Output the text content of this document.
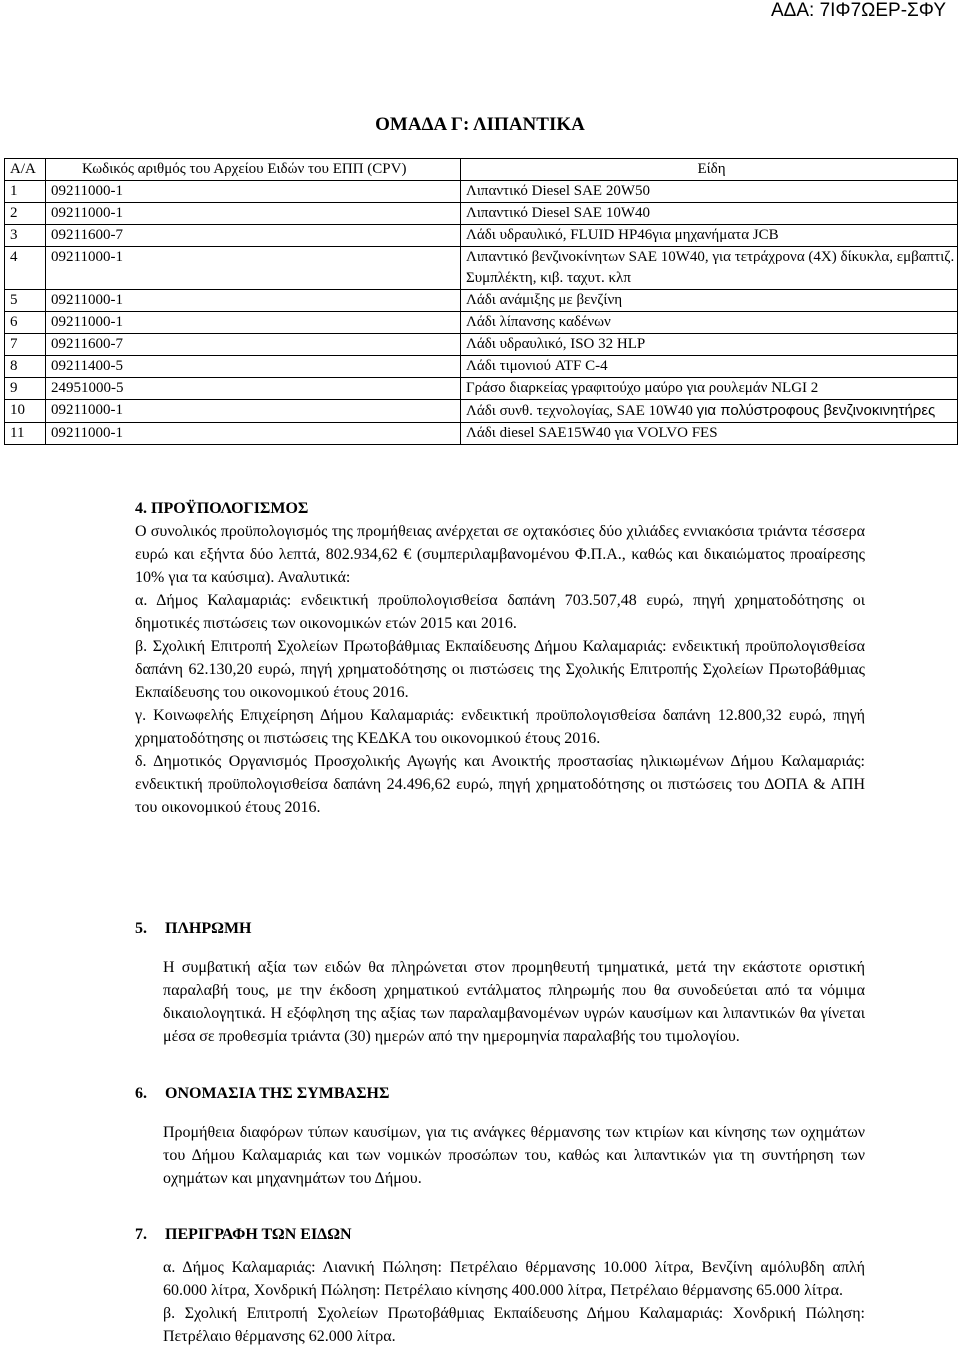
ΑΔΑ: 7ΙΦ7ΩΕΡ-ΣΦΥ
ΟΜΑΔΑ Γ: ΛΙΠΑΝΤΙΚΑ
Α/Α	Κωδικός αριθμός του Αρχείου Ειδών του ΕΠΠ (CPV)	Είδη
1	09211000-1	Λιπαντικό Diesel SAE 20W50
2	09211000-1	Λιπαντικό Diesel SAE 10W40
3	09211600-7	Λάδι υδραυλικό, FLUID HP46για μηχανήματα JCB
4	09211000-1	Λιπαντικό βενζινοκίνητων SAE 10W40, για τετράχρονα (4X) δίκυκλα, εμβαπτιζ. Συμπλέκτη, κιβ. ταχυτ. κλπ
5	09211000-1	Λάδι ανάμιξης με βενζίνη
6	09211000-1	Λάδι λίπανσης καδένων
7	09211600-7	Λάδι υδραυλικό, ISO 32 HLP
8	09211400-5	Λάδι τιμονιού ATF C-4
9	24951000-5	Γράσο διαρκείας γραφιτούχο μαύρο για ρουλεμάν NLGI 2
10	09211000-1	Λάδι συνθ. τεχνολογίας, SAE 10W40 για πολύστροφους βενζινοκινητήρες
11	09211000-1	Λάδι diesel SAE15W40 για VOLVO FES

4. ΠΡΟΫΠΟΛΟΓΙΣΜΟΣ

Ο συνολικός προϋπολογισμός της προμήθειας ανέρχεται σε οχτακόσιες δύο χιλιάδες εννιακόσια τριάντα τέσσερα ευρώ και εξήντα δύο λεπτά, 802.934,62 € (συμπεριλαμβανομένου Φ.Π.Α., καθώς και δικαιώματος προαίρεσης 10% για τα καύσιμα). Αναλυτικά:

α. Δήμος Καλαμαριάς: ενδεικτική προϋπολογισθείσα δαπάνη 703.507,48 ευρώ, πηγή χρηματοδότησης οι δημοτικές πιστώσεις των οικονομικών ετών 2015 και 2016.

β. Σχολική Επιτροπή Σχολείων Πρωτοβάθμιας Εκπαίδευσης Δήμου Καλαμαριάς: ενδεικτική προϋπολογισθείσα δαπάνη 62.130,20 ευρώ, πηγή χρηματοδότησης οι πιστώσεις της Σχολικής Επιτροπής Σχολείων Πρωτοβάθμιας Εκπαίδευσης του οικονομικού έτους 2016.

γ. Κοινωφελής Επιχείρηση Δήμου Καλαμαριάς: ενδεικτική προϋπολογισθείσα δαπάνη 12.800,32 ευρώ, πηγή χρηματοδότησης οι πιστώσεις της ΚΕΔΚΑ του οικονομικού έτους 2016.

δ. Δημοτικός Οργανισμός Προσχολικής Αγωγής και Ανοικτής προστασίας ηλικιωμένων Δήμου Καλαμαριάς: ενδεικτική προϋπολογισθείσα δαπάνη 24.496,62 ευρώ, πηγή χρηματοδότησης οι πιστώσεις του ΔΟΠΑ & ΑΠΗ του οικονομικού έτους 2016.

5. ΠΛΗΡΩΜΗ

Η συμβατική αξία των ειδών θα πληρώνεται στον προμηθευτή τμηματικά, μετά την εκάστοτε οριστική παραλαβή τους, με την έκδοση χρηματικού εντάλματος πληρωμής που θα συνοδεύεται από τα νόμιμα δικαιολογητικά. Η εξόφληση της αξίας των παραλαμβανομένων υγρών καυσίμων και λιπαντικών θα γίνεται μέσα σε προθεσμία τριάντα (30) ημερών από την ημερομηνία παραλαβής του τιμολογίου.

6. ΟΝΟΜΑΣΙΑ ΤΗΣ ΣΥΜΒΑΣΗΣ

Προμήθεια διαφόρων τύπων καυσίμων, για τις ανάγκες θέρμανσης των κτιρίων και κίνησης των οχημάτων του Δήμου Καλαμαριάς και των νομικών προσώπων του, καθώς και λιπαντικών για τη συντήρηση των οχημάτων και μηχανημάτων του Δήμου.

7. ΠΕΡΙΓΡΑΦΗ ΤΩΝ ΕΙΔΩΝ

α. Δήμος Καλαμαριάς: Λιανική Πώληση: Πετρέλαιο θέρμανσης 10.000 λίτρα, Βενζίνη αμόλυβδη απλή 60.000 λίτρα, Χονδρική Πώληση: Πετρέλαιο κίνησης 400.000 λίτρα, Πετρέλαιο θέρμανσης 65.000 λίτρα.

β. Σχολική Επιτροπή Σχολείων Πρωτοβάθμιας Εκπαίδευσης Δήμου Καλαμαριάς: Χονδρική Πώληση: Πετρέλαιο θέρμανσης 62.000 λίτρα.
